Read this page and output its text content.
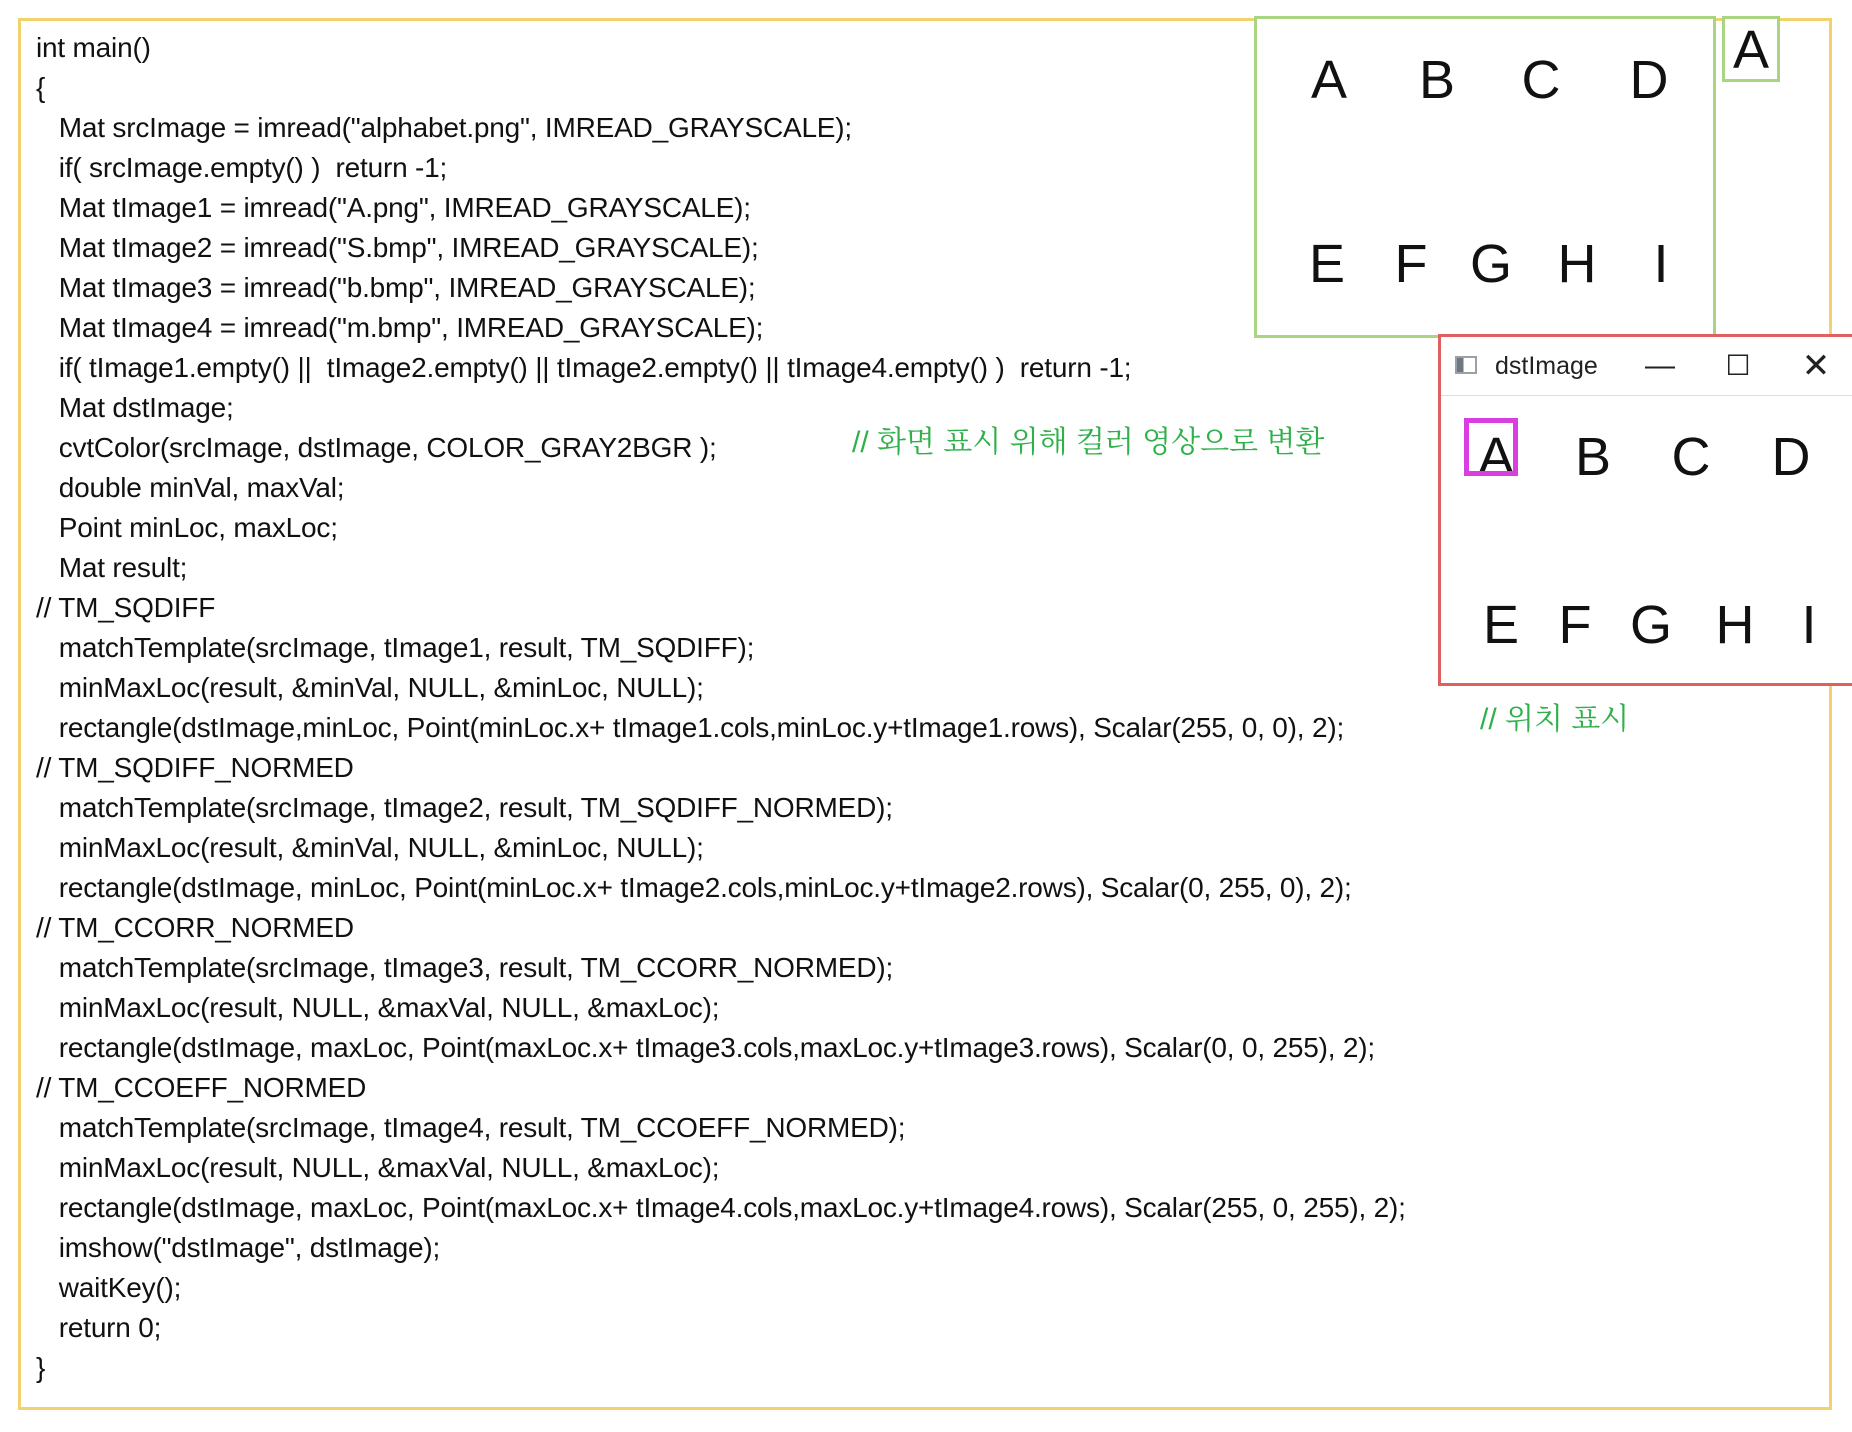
int main()
{
Mat srcImage = imread("alphabet.png", IMREAD_GRAYSCALE);
if( srcImage.empty() )  return -1;
Mat tImage1 = imread("A.png", IMREAD_GRAYSCALE);
Mat tImage2 = imread("S.bmp", IMREAD_GRAYSCALE);
Mat tImage3 = imread("b.bmp", IMREAD_GRAYSCALE);
Mat tImage4 = imread("m.bmp", IMREAD_GRAYSCALE);
if( tImage1.empty() ||  tImage2.empty() || tImage2.empty() || tImage4.empty() )  return -1;
Mat dstImage;
cvtColor(srcImage, dstImage, COLOR_GRAY2BGR );
double minVal, maxVal;
Point minLoc, maxLoc;
Mat result;
// TM_SQDIFF
matchTemplate(srcImage, tImage1, result, TM_SQDIFF);
minMaxLoc(result, &minVal, NULL, &minLoc, NULL);
rectangle(dstImage,minLoc, Point(minLoc.x+ tImage1.cols,minLoc.y+tImage1.rows), Scalar(255, 0, 0), 2);
// TM_SQDIFF_NORMED
matchTemplate(srcImage, tImage2, result, TM_SQDIFF_NORMED);
minMaxLoc(result, &minVal, NULL, &minLoc, NULL);
rectangle(dstImage, minLoc, Point(minLoc.x+ tImage2.cols,minLoc.y+tImage2.rows), Scalar(0, 255, 0), 2);
// TM_CCORR_NORMED
matchTemplate(srcImage, tImage3, result, TM_CCORR_NORMED);
minMaxLoc(result, NULL, &maxVal, NULL, &maxLoc);
rectangle(dstImage, maxLoc, Point(maxLoc.x+ tImage3.cols,maxLoc.y+tImage3.rows), Scalar(0, 0, 255), 2);
// TM_CCOEFF_NORMED
matchTemplate(srcImage, tImage4, result, TM_CCOEFF_NORMED);
minMaxLoc(result, NULL, &maxVal, NULL, &maxLoc);
rectangle(dstImage, maxLoc, Point(maxLoc.x+ tImage4.cols,maxLoc.y+tImage4.rows), Scalar(255, 0, 255), 2);
imshow("dstImage", dstImage);
waitKey();
return 0;
}
// 화면 표시 위해 컬러 영상으로 변환
// 위치 표시
A B C D
E F G H	I
A
dstImage	—	☐	✕
A B C D
E F G H I
